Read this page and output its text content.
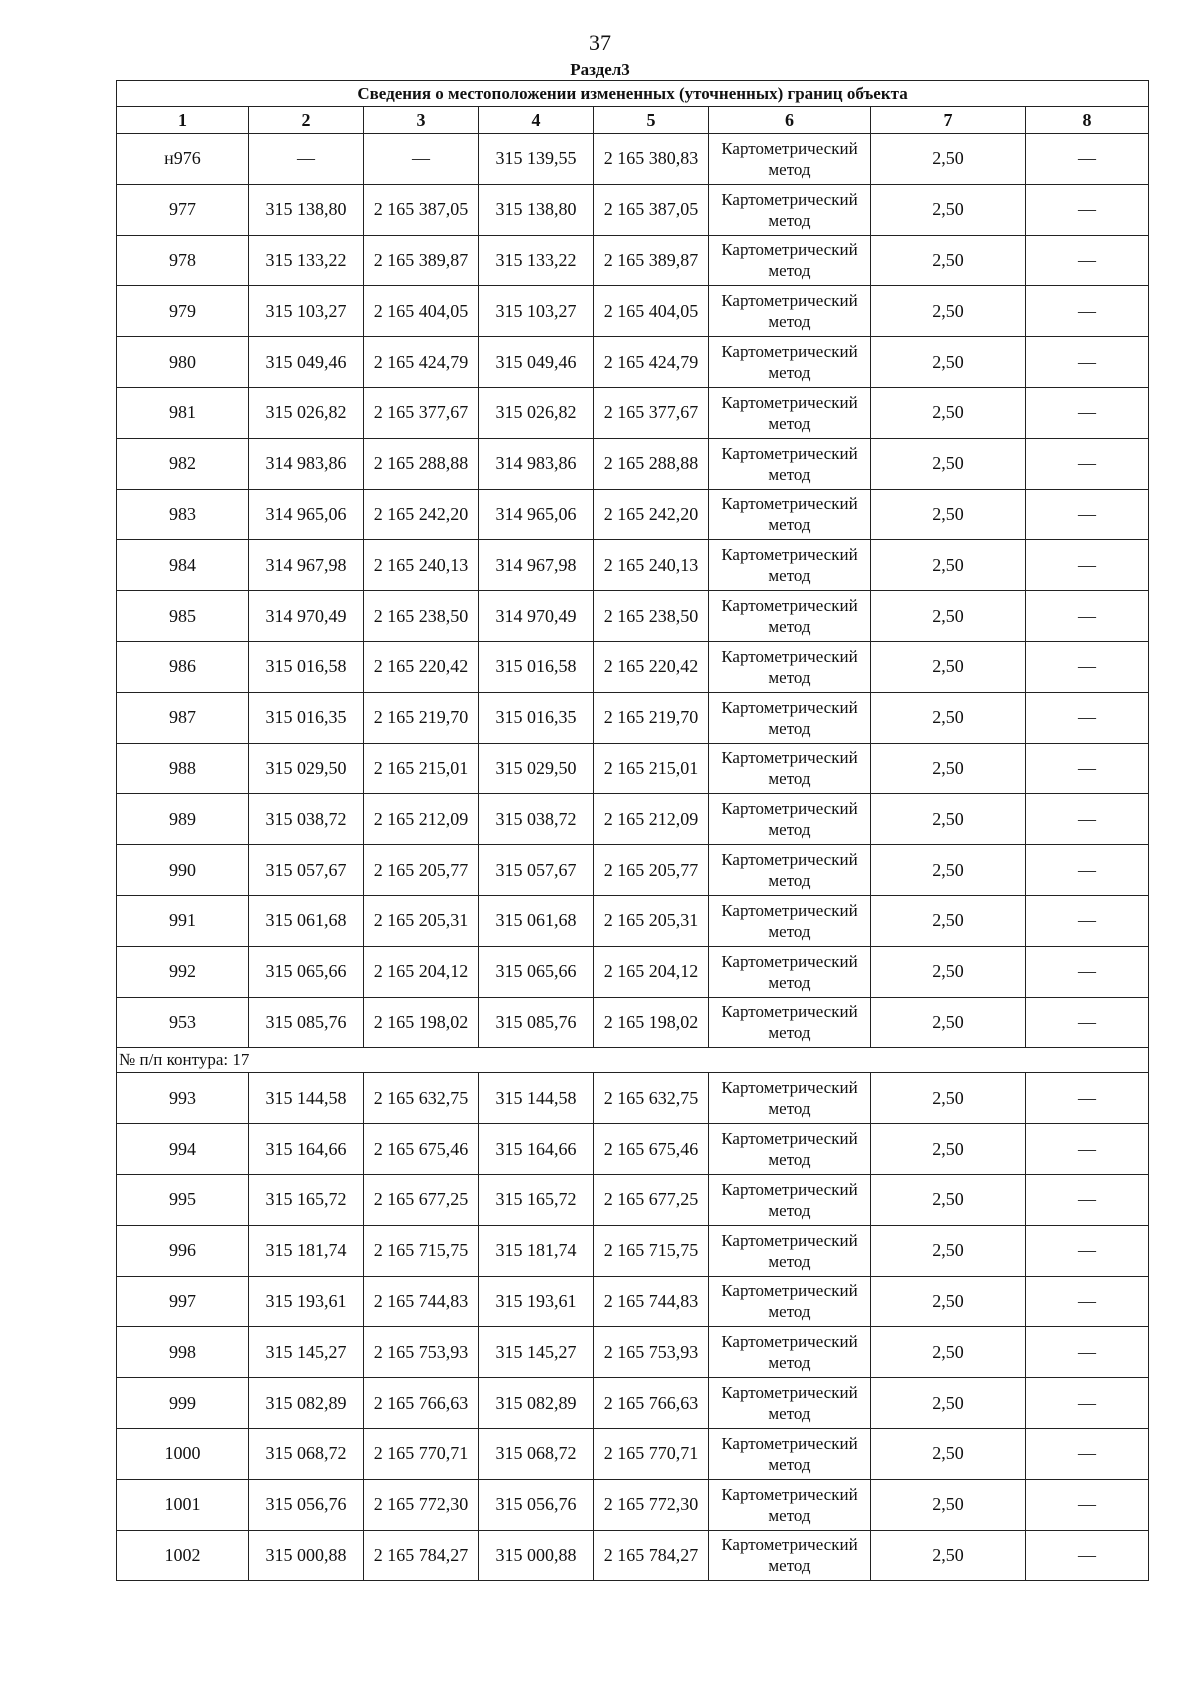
37
Раздел3
Сведения о местоположении измененных (уточненных) границ объекта							
1	2	3	4	5	6	7	8
н976	—	—	315 139,55	2 165 380,83	Картометрический метод	2,50	—
977	315 138,80	2 165 387,05	315 138,80	2 165 387,05	Картометрический метод	2,50	—
978	315 133,22	2 165 389,87	315 133,22	2 165 389,87	Картометрический метод	2,50	—
979	315 103,27	2 165 404,05	315 103,27	2 165 404,05	Картометрический метод	2,50	—
980	315 049,46	2 165 424,79	315 049,46	2 165 424,79	Картометрический метод	2,50	—
981	315 026,82	2 165 377,67	315 026,82	2 165 377,67	Картометрический метод	2,50	—
982	314 983,86	2 165 288,88	314 983,86	2 165 288,88	Картометрический метод	2,50	—
983	314 965,06	2 165 242,20	314 965,06	2 165 242,20	Картометрический метод	2,50	—
984	314 967,98	2 165 240,13	314 967,98	2 165 240,13	Картометрический метод	2,50	—
985	314 970,49	2 165 238,50	314 970,49	2 165 238,50	Картометрический метод	2,50	—
986	315 016,58	2 165 220,42	315 016,58	2 165 220,42	Картометрический метод	2,50	—
987	315 016,35	2 165 219,70	315 016,35	2 165 219,70	Картометрический метод	2,50	—
988	315 029,50	2 165 215,01	315 029,50	2 165 215,01	Картометрический метод	2,50	—
989	315 038,72	2 165 212,09	315 038,72	2 165 212,09	Картометрический метод	2,50	—
990	315 057,67	2 165 205,77	315 057,67	2 165 205,77	Картометрический метод	2,50	—
991	315 061,68	2 165 205,31	315 061,68	2 165 205,31	Картометрический метод	2,50	—
992	315 065,66	2 165 204,12	315 065,66	2 165 204,12	Картометрический метод	2,50	—
953	315 085,76	2 165 198,02	315 085,76	2 165 198,02	Картометрический метод	2,50	—
№ п/п контура: 17							
993	315 144,58	2 165 632,75	315 144,58	2 165 632,75	Картометрический метод	2,50	—
994	315 164,66	2 165 675,46	315 164,66	2 165 675,46	Картометрический метод	2,50	—
995	315 165,72	2 165 677,25	315 165,72	2 165 677,25	Картометрический метод	2,50	—
996	315 181,74	2 165 715,75	315 181,74	2 165 715,75	Картометрический метод	2,50	—
997	315 193,61	2 165 744,83	315 193,61	2 165 744,83	Картометрический метод	2,50	—
998	315 145,27	2 165 753,93	315 145,27	2 165 753,93	Картометрический метод	2,50	—
999	315 082,89	2 165 766,63	315 082,89	2 165 766,63	Картометрический метод	2,50	—
1000	315 068,72	2 165 770,71	315 068,72	2 165 770,71	Картометрический метод	2,50	—
1001	315 056,76	2 165 772,30	315 056,76	2 165 772,30	Картометрический метод	2,50	—
1002	315 000,88	2 165 784,27	315 000,88	2 165 784,27	Картометрический метод	2,50	—
